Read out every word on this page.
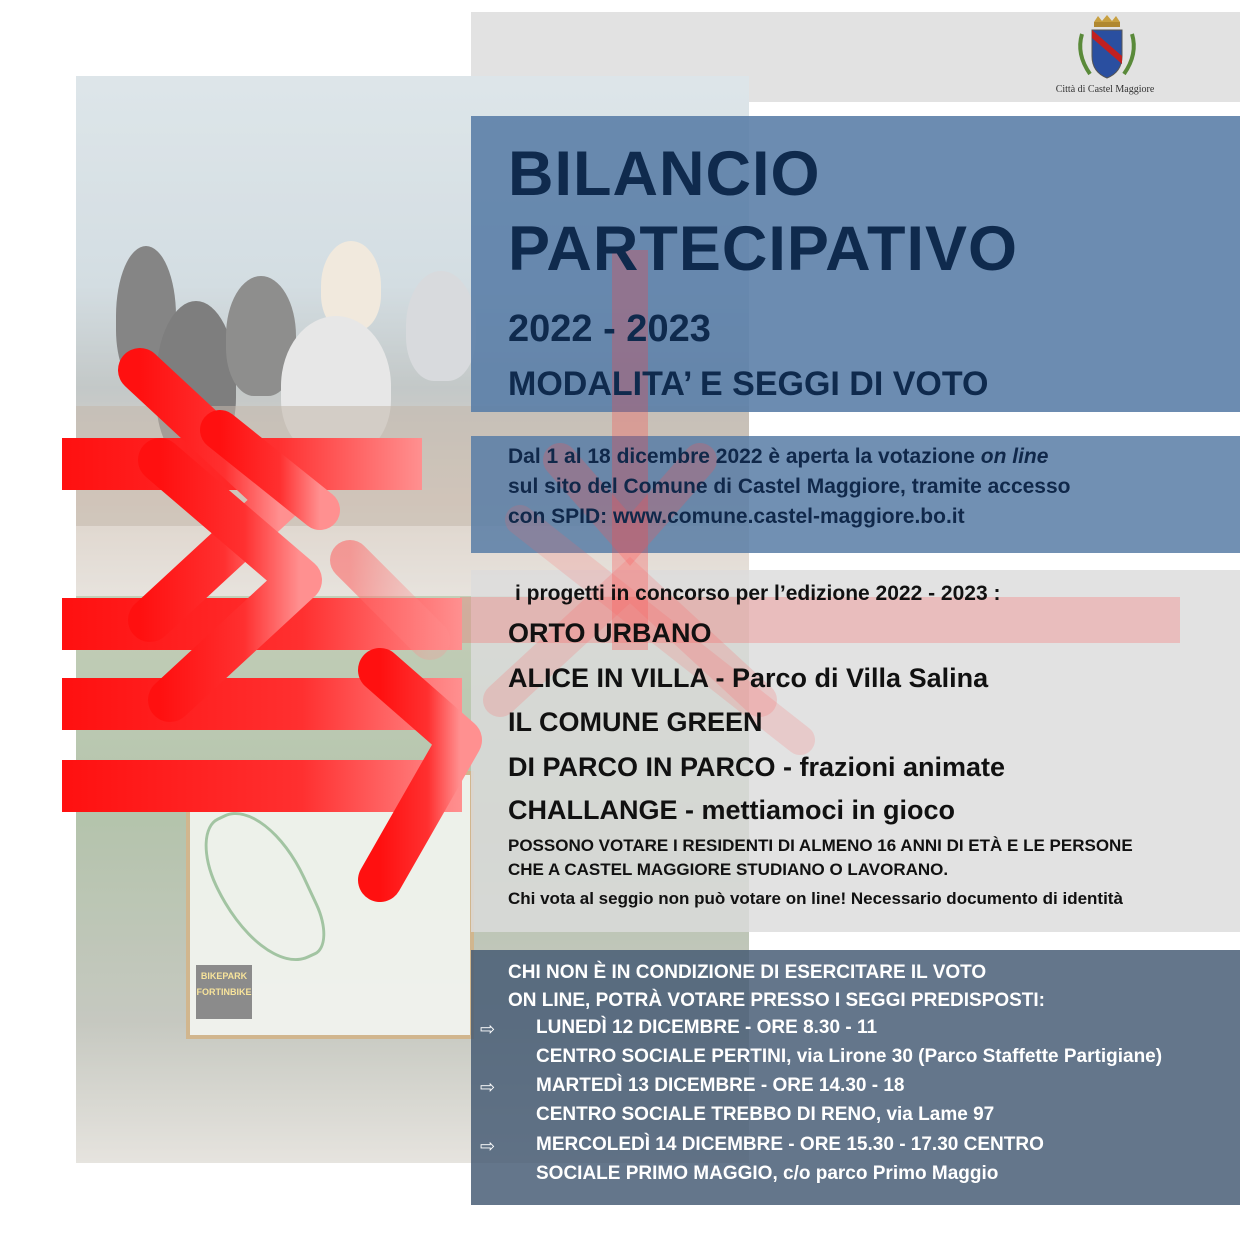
BIKEPARK
FORTINBIKE
Città di Castel Maggiore
BILANCIO
PARTECIPATIVO
2022 - 2023
MODALITA’ E SEGGI DI VOTO
Dal 1 al 18 dicembre 2022 è aperta la votazione on line
sul sito del Comune di Castel Maggiore, tramite accesso
con SPID: www.comune.castel-maggiore.bo.it
i progetti in concorso per l’edizione 2022 - 2023 :
ORTO URBANO
ALICE IN VILLA - Parco di Villa Salina
IL COMUNE GREEN
DI PARCO IN PARCO - frazioni animate
CHALLANGE - mettiamoci in gioco
POSSONO VOTARE I RESIDENTI DI ALMENO 16 ANNI DI ETÀ E LE PERSONE
CHE A CASTEL MAGGIORE STUDIANO O LAVORANO.
Chi vota al seggio non può votare on line! Necessario documento di identità
CHI NON È IN CONDIZIONE DI ESERCITARE IL VOTO
ON LINE, POTRÀ VOTARE PRESSO I SEGGI PREDISPOSTI:
⇨ LUNEDÌ 12 DICEMBRE - ORE 8.30 - 11
CENTRO SOCIALE PERTINI, via Lirone 30 (Parco Staffette Partigiane)
⇨ MARTEDÌ 13 DICEMBRE - ORE 14.30 - 18
CENTRO SOCIALE TREBBO DI RENO, via Lame 97
⇨ MERCOLEDÌ 14 DICEMBRE - ORE 15.30 - 17.30 CENTRO
SOCIALE PRIMO MAGGIO, c/o parco Primo Maggio
